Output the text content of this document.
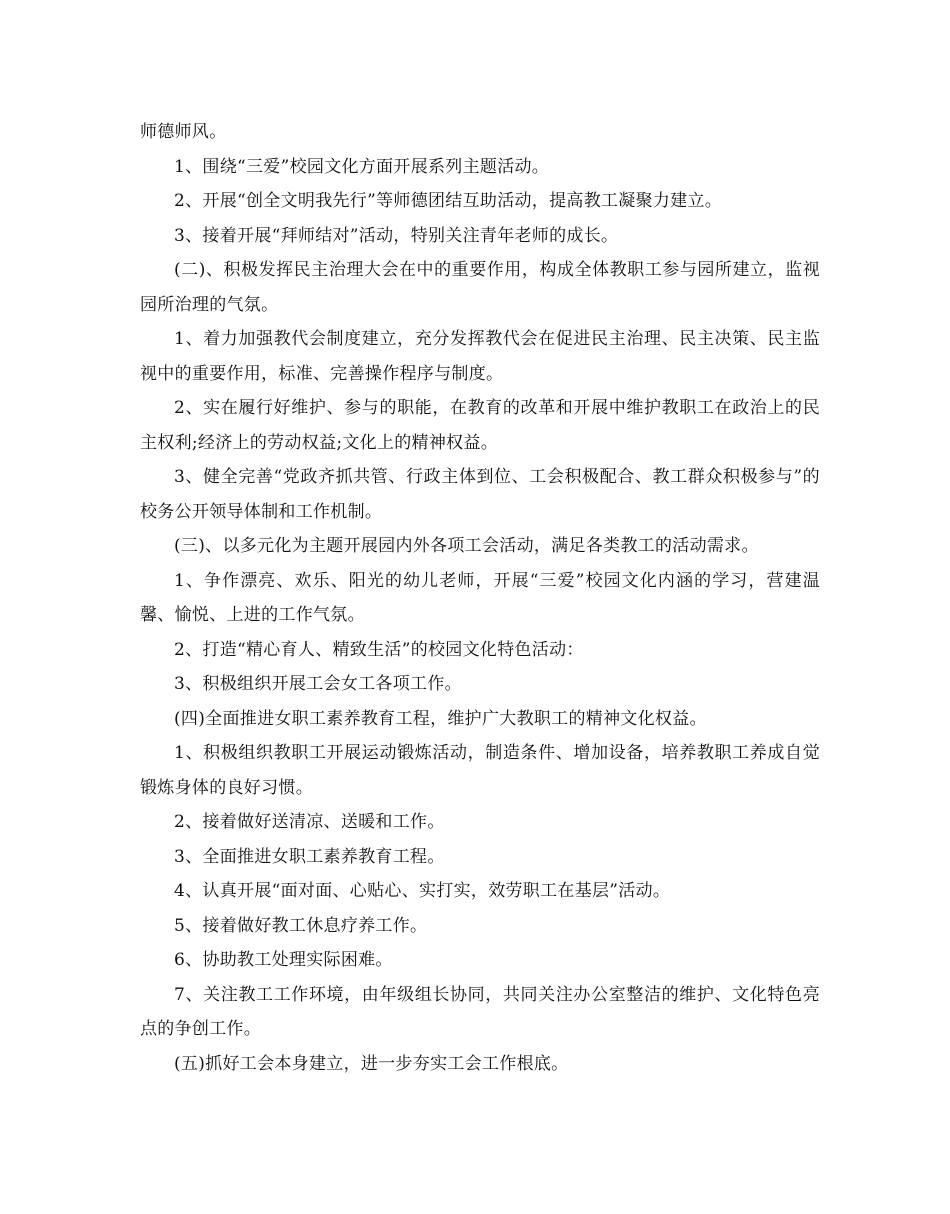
师德师风。

1、围绕“三爱”校园文化方面开展系列主题活动。

2、开展“创全文明我先行”等师德团结互助活动，提高教工凝聚力建立。

3、接着开展“拜师结对”活动，特别关注青年老师的成长。

(二)、积极发挥民主治理大会在中的重要作用，构成全体教职工参与园所建立，监视园所治理的气氛。

1、着力加强教代会制度建立，充分发挥教代会在促进民主治理、民主决策、民主监视中的重要作用，标准、完善操作程序与制度。

2、实在履行好维护、参与的职能，在教育的改革和开展中维护教职工在政治上的民主权利;经济上的劳动权益;文化上的精神权益。

3、健全完善“党政齐抓共管、行政主体到位、工会积极配合、教工群众积极参与”的校务公开领导体制和工作机制。

(三)、以多元化为主题开展园内外各项工会活动，满足各类教工的活动需求。

1、争作漂亮、欢乐、阳光的幼儿老师，开展“三爱”校园文化内涵的学习，营建温馨、愉悦、上进的工作气氛。

2、打造“精心育人、精致生活”的校园文化特色活动：

3、积极组织开展工会女工各项工作。

(四)全面推进女职工素养教育工程，维护广大教职工的精神文化权益。

1、积极组织教职工开展运动锻炼活动，制造条件、增加设备，培养教职工养成自觉锻炼身体的良好习惯。

2、接着做好送清凉、送暖和工作。

3、全面推进女职工素养教育工程。

4、认真开展“面对面、心贴心、实打实，效劳职工在基层”活动。

5、接着做好教工休息疗养工作。

6、协助教工处理实际困难。

7、关注教工工作环境，由年级组长协同，共同关注办公室整洁的维护、文化特色亮点的争创工作。

(五)抓好工会本身建立，进一步夯实工会工作根底。
